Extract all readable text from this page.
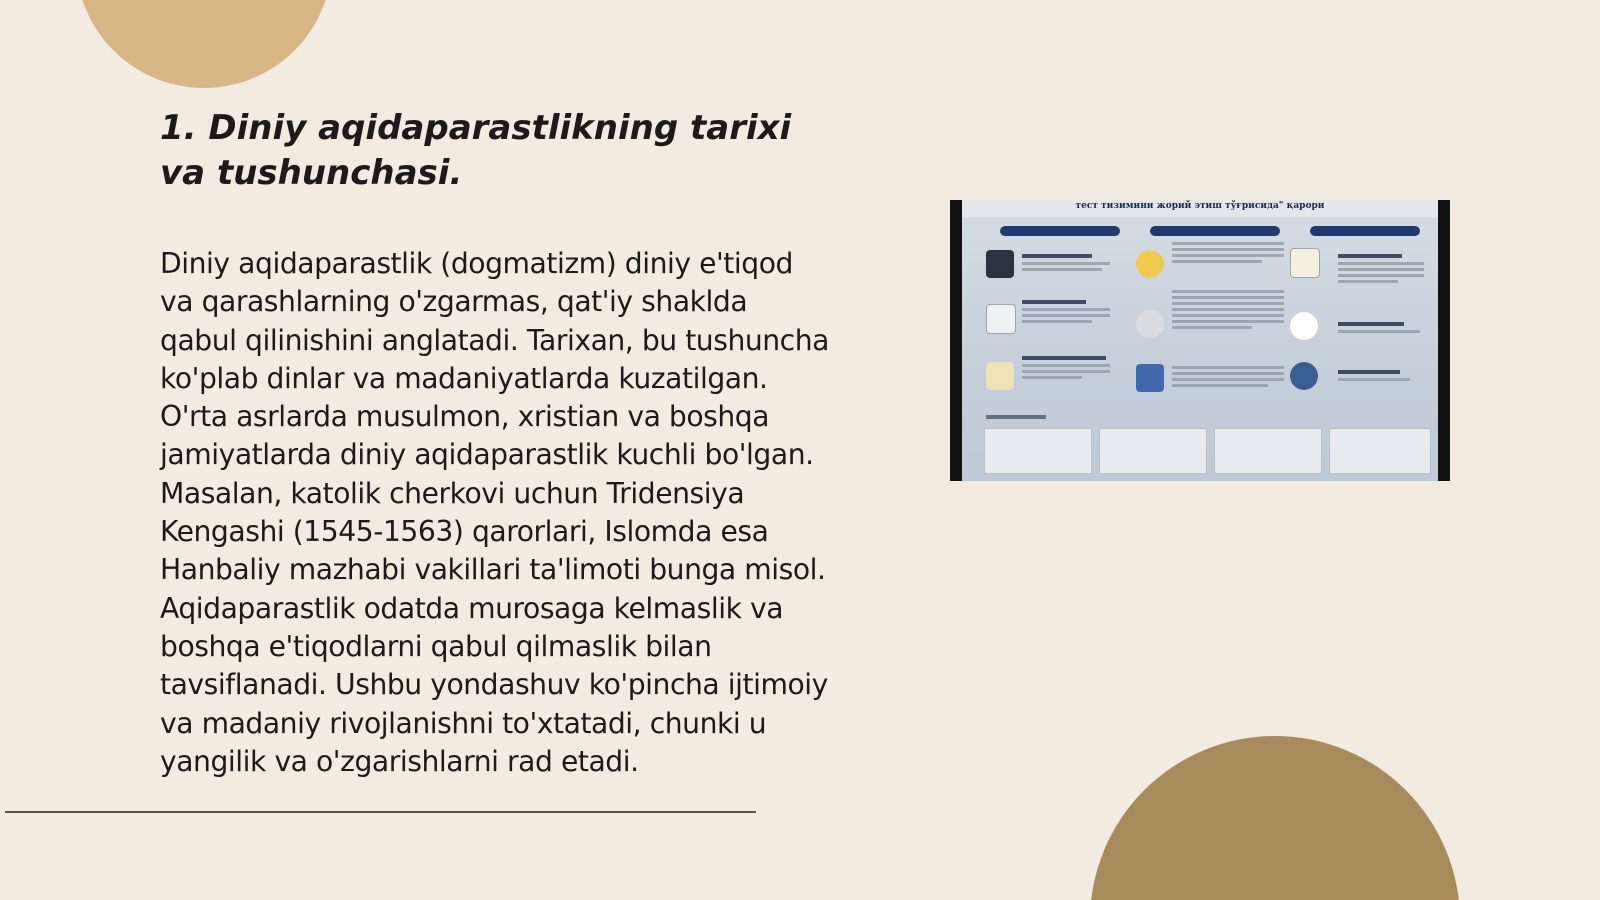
1. Diniy aqidaparastlikning tarixi va tushunchasi.

Diniy aqidaparastlik (dogmatizm) diniy e'tiqod va qarashlarning o'zgarmas, qat'iy shaklda qabul qilinishini anglatadi. Tarixan, bu tushuncha ko'plab dinlar va madaniyatlarda kuzatilgan. O'rta asrlarda musulmon, xristian va boshqa jamiyatlarda diniy aqidaparastlik kuchli bo'lgan. Masalan, katolik cherkovi uchun Tridensiya Kengashi (1545-1563) qarorlari, Islomda esa Hanbaliy mazhabi vakillari ta'limoti bunga misol. Aqidaparastlik odatda murosaga kelmaslik va boshqa e'tiqodlarni qabul qilmaslik bilan tavsiflanadi. Ushbu yondashuv ko'pincha ijtimoiy va madaniy rivojlanishni to'xtatadi, chunki u yangilik va o'zgarishlarni rad etadi.

тест тизимини жорий этиш тўғрисида" қарори
